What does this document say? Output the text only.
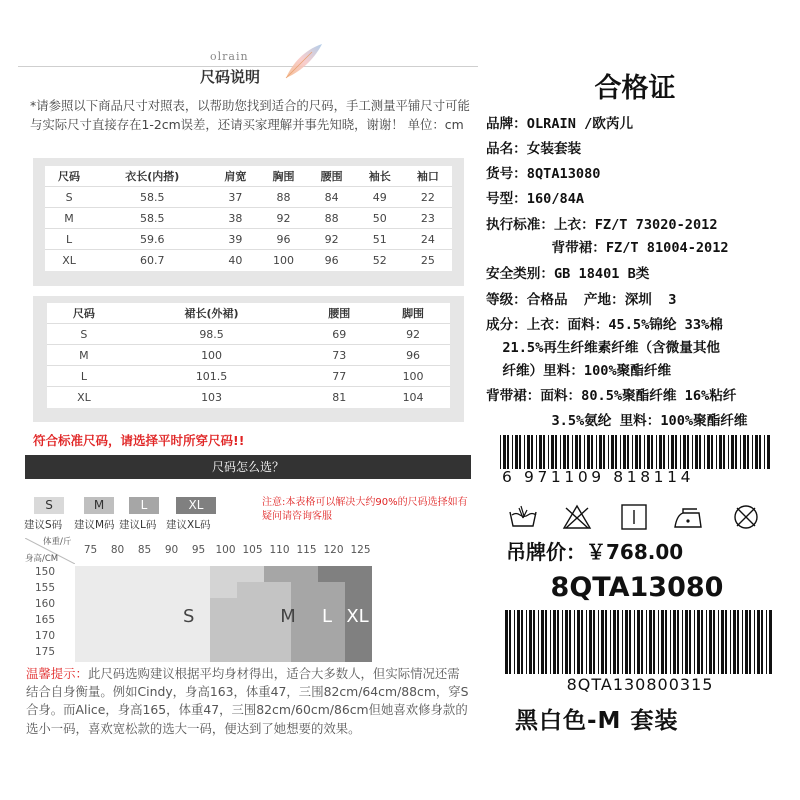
olrain
尺码说明
*请参照以下商品尺寸对照表，以帮助您找到适合的尺码，手工测量平铺尺寸可能与实际尺寸直接存在1-2cm误差，还请买家理解并事先知晓，谢谢！ 单位：cm
尺码	衣长(内搭)	肩宽	胸围	腰围	袖长	袖口
S	58.5	37	88	84	49	22
M	58.5	38	92	88	50	23
L	59.6	39	96	92	51	24
XL	60.7	40	100	96	52	25
尺码	裙长(外裙)	腰围	脚围
S	98.5	69	92
M	100	73	96
L	101.5	77	100
XL	103	81	104
符合标准尺码，请选择平时所穿尺码!!
尺码怎么选？
S
建议S码
M
建议M码
L
建议L码
XL
建议XL码
注意:本表格可以解决大约90%的尺码选择如有疑问请咨询客服
体重/斤
身高/CM
75	80	85	90	95 100 105 110 115 120 125
150
155
160
165
170
175
S	M L XL
温馨提示：此尺码选购建议根据平均身材得出，适合大多数人，但实际情况还需结合自身衡量。例如Cindy，身高163，体重47，三围82cm/64cm/88cm，穿S合身。而Alice，身高165，体重47，三围82cm/60cm/86cm但她喜欢修身款的选小一码，喜欢宽松款的选大一码，便达到了她想要的效果。
合格证
品牌：OLRAIN /欧芮儿
品名：女装套装
货号：8QTA13080
号型：160/84A
执行标准：上衣：FZ/T 73020-2012
背带裙：FZ/T 81004-2012
安全类别：GB 18401 B类
等级：合格品  产地：深圳  3
成分：上衣：面料：45.5%锦纶 33%棉
21.5%再生纤维素纤维（含微量其他
纤维）里料：100%聚酯纤维
背带裙：面料：80.5%聚酯纤维 16%粘纤
3.5%氨纶 里料：100%聚酯纤维
6 971109 818114
吊牌价：￥768.00
8QTA13080
8QTA130800315
黑白色-M 套装
